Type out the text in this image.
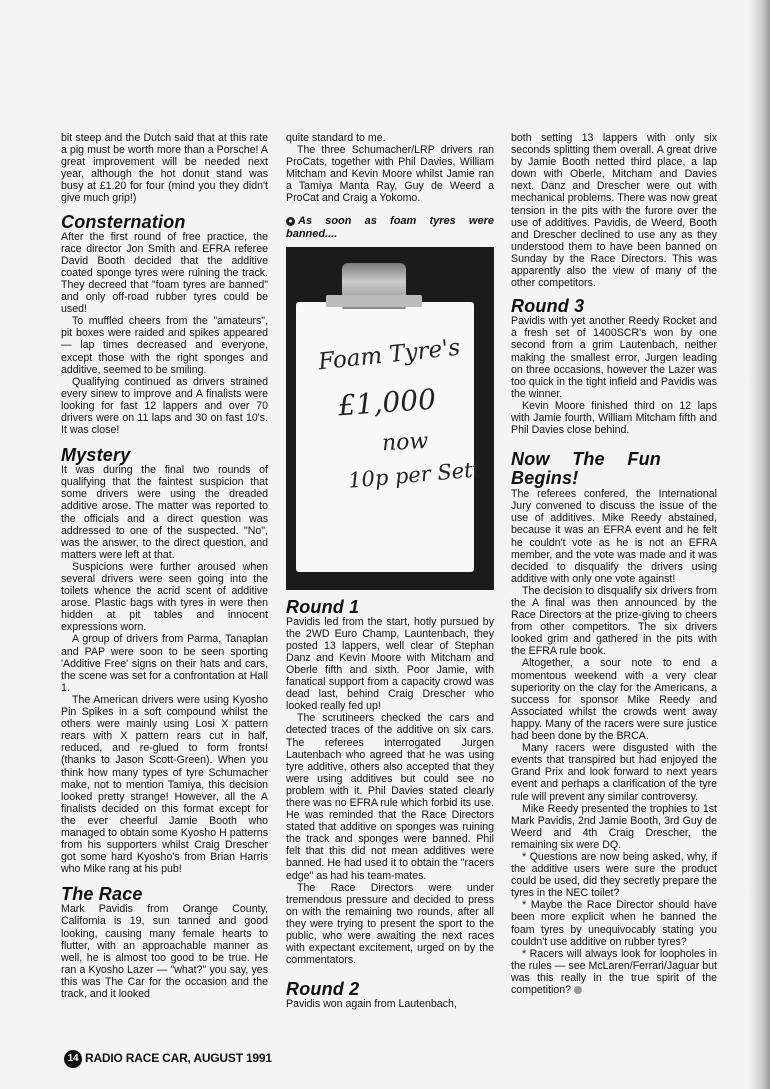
bit steep and the Dutch said that at this rate a pig must be worth more than a Porsche! A great improvement will be needed next year, although the hot donut stand was busy at £1.20 for four (mind you they didn't give much grip!)

Consternation

After the first round of free practice, the race director Jon Smith and EFRA referee David Booth decided that the additive coated sponge tyres were ruining the track. They decreed that "foam tyres are banned" and only off-road rubber tyres could be used!

To muffled cheers from the "amateurs", pit boxes were raided and spikes appeared — lap times decreased and everyone, except those with the right sponges and additive, seemed to be smiling.

Qualifying continued as drivers strained every sinew to improve and A finalists were looking for fast 12 lappers and over 70 drivers were on 11 laps and 30 on fast 10's. It was close!

Mystery

It was during the final two rounds of qualifying that the faintest suspicion that some drivers were using the dreaded additive arose. The matter was reported to the officials and a direct question was addressed to one of the suspected. "No", was the answer, to the direct question, and matters were left at that.

Suspicions were further aroused when several drivers were seen going into the toilets whence the acrid scent of additive arose. Plastic bags with tyres in were then hidden at pit tables and innocent expressions worn.

A group of drivers from Parma, Tanaplan and PAP were soon to be seen sporting 'Additive Free' signs on their hats and cars, the scene was set for a confrontation at Hall 1.

The American drivers were using Kyosho Pin Spikes in a soft compound whilst the others were mainly using Losi X pattern rears with X pattern rears cut in half, reduced, and re-glued to form fronts! (thanks to Jason Scott-Green). When you think how many types of tyre Schumacher make, not to mention Tamiya, this decision looked pretty strange! However, all the A finalists decided on this format except for the ever cheerful Jamie Booth who managed to obtain some Kyosho H patterns from his supporters whilst Craig Drescher got some hard Kyosho's from Brian Harris who Mike rang at his pub!

The Race

Mark Pavidis from Orange County, California is 19, sun tanned and good looking, causing many female hearts to flutter, with an approachable manner as well, he is almost too good to be true. He ran a Kyosho Lazer — "what?" you say, yes this was The Car for the occasion and the track, and it looked

quite standard to me.

The three Schumacher/LRP drivers ran ProCats, together with Phil Davies, William Mitcham and Kevin Moore whilst Jamie ran a Tamiya Manta Ray, Guy de Weerd a ProCat and Craig a Yokomo.

● As soon as foam tyres were banned....
Foam Tyre's
£1,000
now
10p per Sett
Round 1

Pavidis led from the start, hotly pursued by the 2WD Euro Champ, Launtenbach, they posted 13 lappers, well clear of Stephan Danz and Kevin Moore with Mitcham and Oberle fifth and sixth. Poor Jamie, with fanatical support from a capacity crowd was dead last, behind Craig Drescher who looked really fed up!

The scrutineers checked the cars and detected traces of the additive on six cars. The referees interrogated Jurgen Lautenbach who agreed that he was using tyre additive, others also accepted that they were using additives but could see no problem with it. Phil Davies stated clearly there was no EFRA rule which forbid its use. He was reminded that the Race Directors stated that additive on sponges was ruining the track and sponges were banned. Phil felt that this did not mean additives were banned. He had used it to obtain the "racers edge" as had his team-mates.

The Race Directors were under tremendous pressure and decided to press on with the remaining two rounds, after all they were trying to present the sport to the public, who were awaiting the next races with expectant excitement, urged on by the commentators.

Round 2

Pavidis won again from Lautenbach,

both setting 13 lappers with only six seconds splitting them overall. A great drive by Jamie Booth netted third place, a lap down with Oberle, Mitcham and Davies next. Danz and Drescher were out with mechanical problems. There was now great tension in the pits with the furore over the use of additives. Pavidis, de Weerd, Booth and Drescher declined to use any as they understood them to have been banned on Sunday by the Race Directors. This was apparently also the view of many of the other competitors.

Round 3

Pavidis with yet another Reedy Rocket and a fresh set of 1400SCR's won by one second from a grim Lautenbach, neither making the smallest error, Jurgen leading on three occasions, however the Lazer was too quick in the tight infield and Pavidis was the winner.

Kevin Moore finished third on 12 laps with Jamie fourth, William Mitcham fifth and Phil Davies close behind.

Now The Fun Begins!

The referees confered, the International Jury convened to discuss the issue of the use of additives. Mike Reedy abstained, because it was an EFRA event and he felt he couldn't vote as he is not an EFRA member, and the vote was made and it was decided to disqualify the drivers using additive with only one vote against!

The decision to disqualify six drivers from the A final was then announced by the Race Directors at the prize-giving to cheers from other competitors. The six drivers looked grim and gathered in the pits with the EFRA rule book.

Altogether, a sour note to end a momentous weekend with a very clear superiority on the clay for the Americans, a success for sponsor Mike Reedy and Associated whilst the crowds went away happy. Many of the racers were sure justice had been done by the BRCA.

Many racers were disgusted with the events that transpired but had enjoyed the Grand Prix and look forward to next years event and perhaps a clarification of the tyre rule will prevent any similar controversy.

Mike Reedy presented the trophies to 1st Mark Pavidis, 2nd Jamie Booth, 3rd Guy de Weerd and 4th Craig Drescher, the remaining six were DQ.

* Questions are now being asked, why, if the additive users were sure the product could be used, did they secretly prepare the tyres in the NEC toilet?

* Maybe the Race Director should have been more explicit when he banned the foam tyres by unequivocably stating you couldn't use additive on rubber tyres?

* Racers will always look for loopholes in the rules — see McLaren/Ferrari/Jaguar but was this really in the true spirit of the competition?

14 RADIO RACE CAR, AUGUST 1991
